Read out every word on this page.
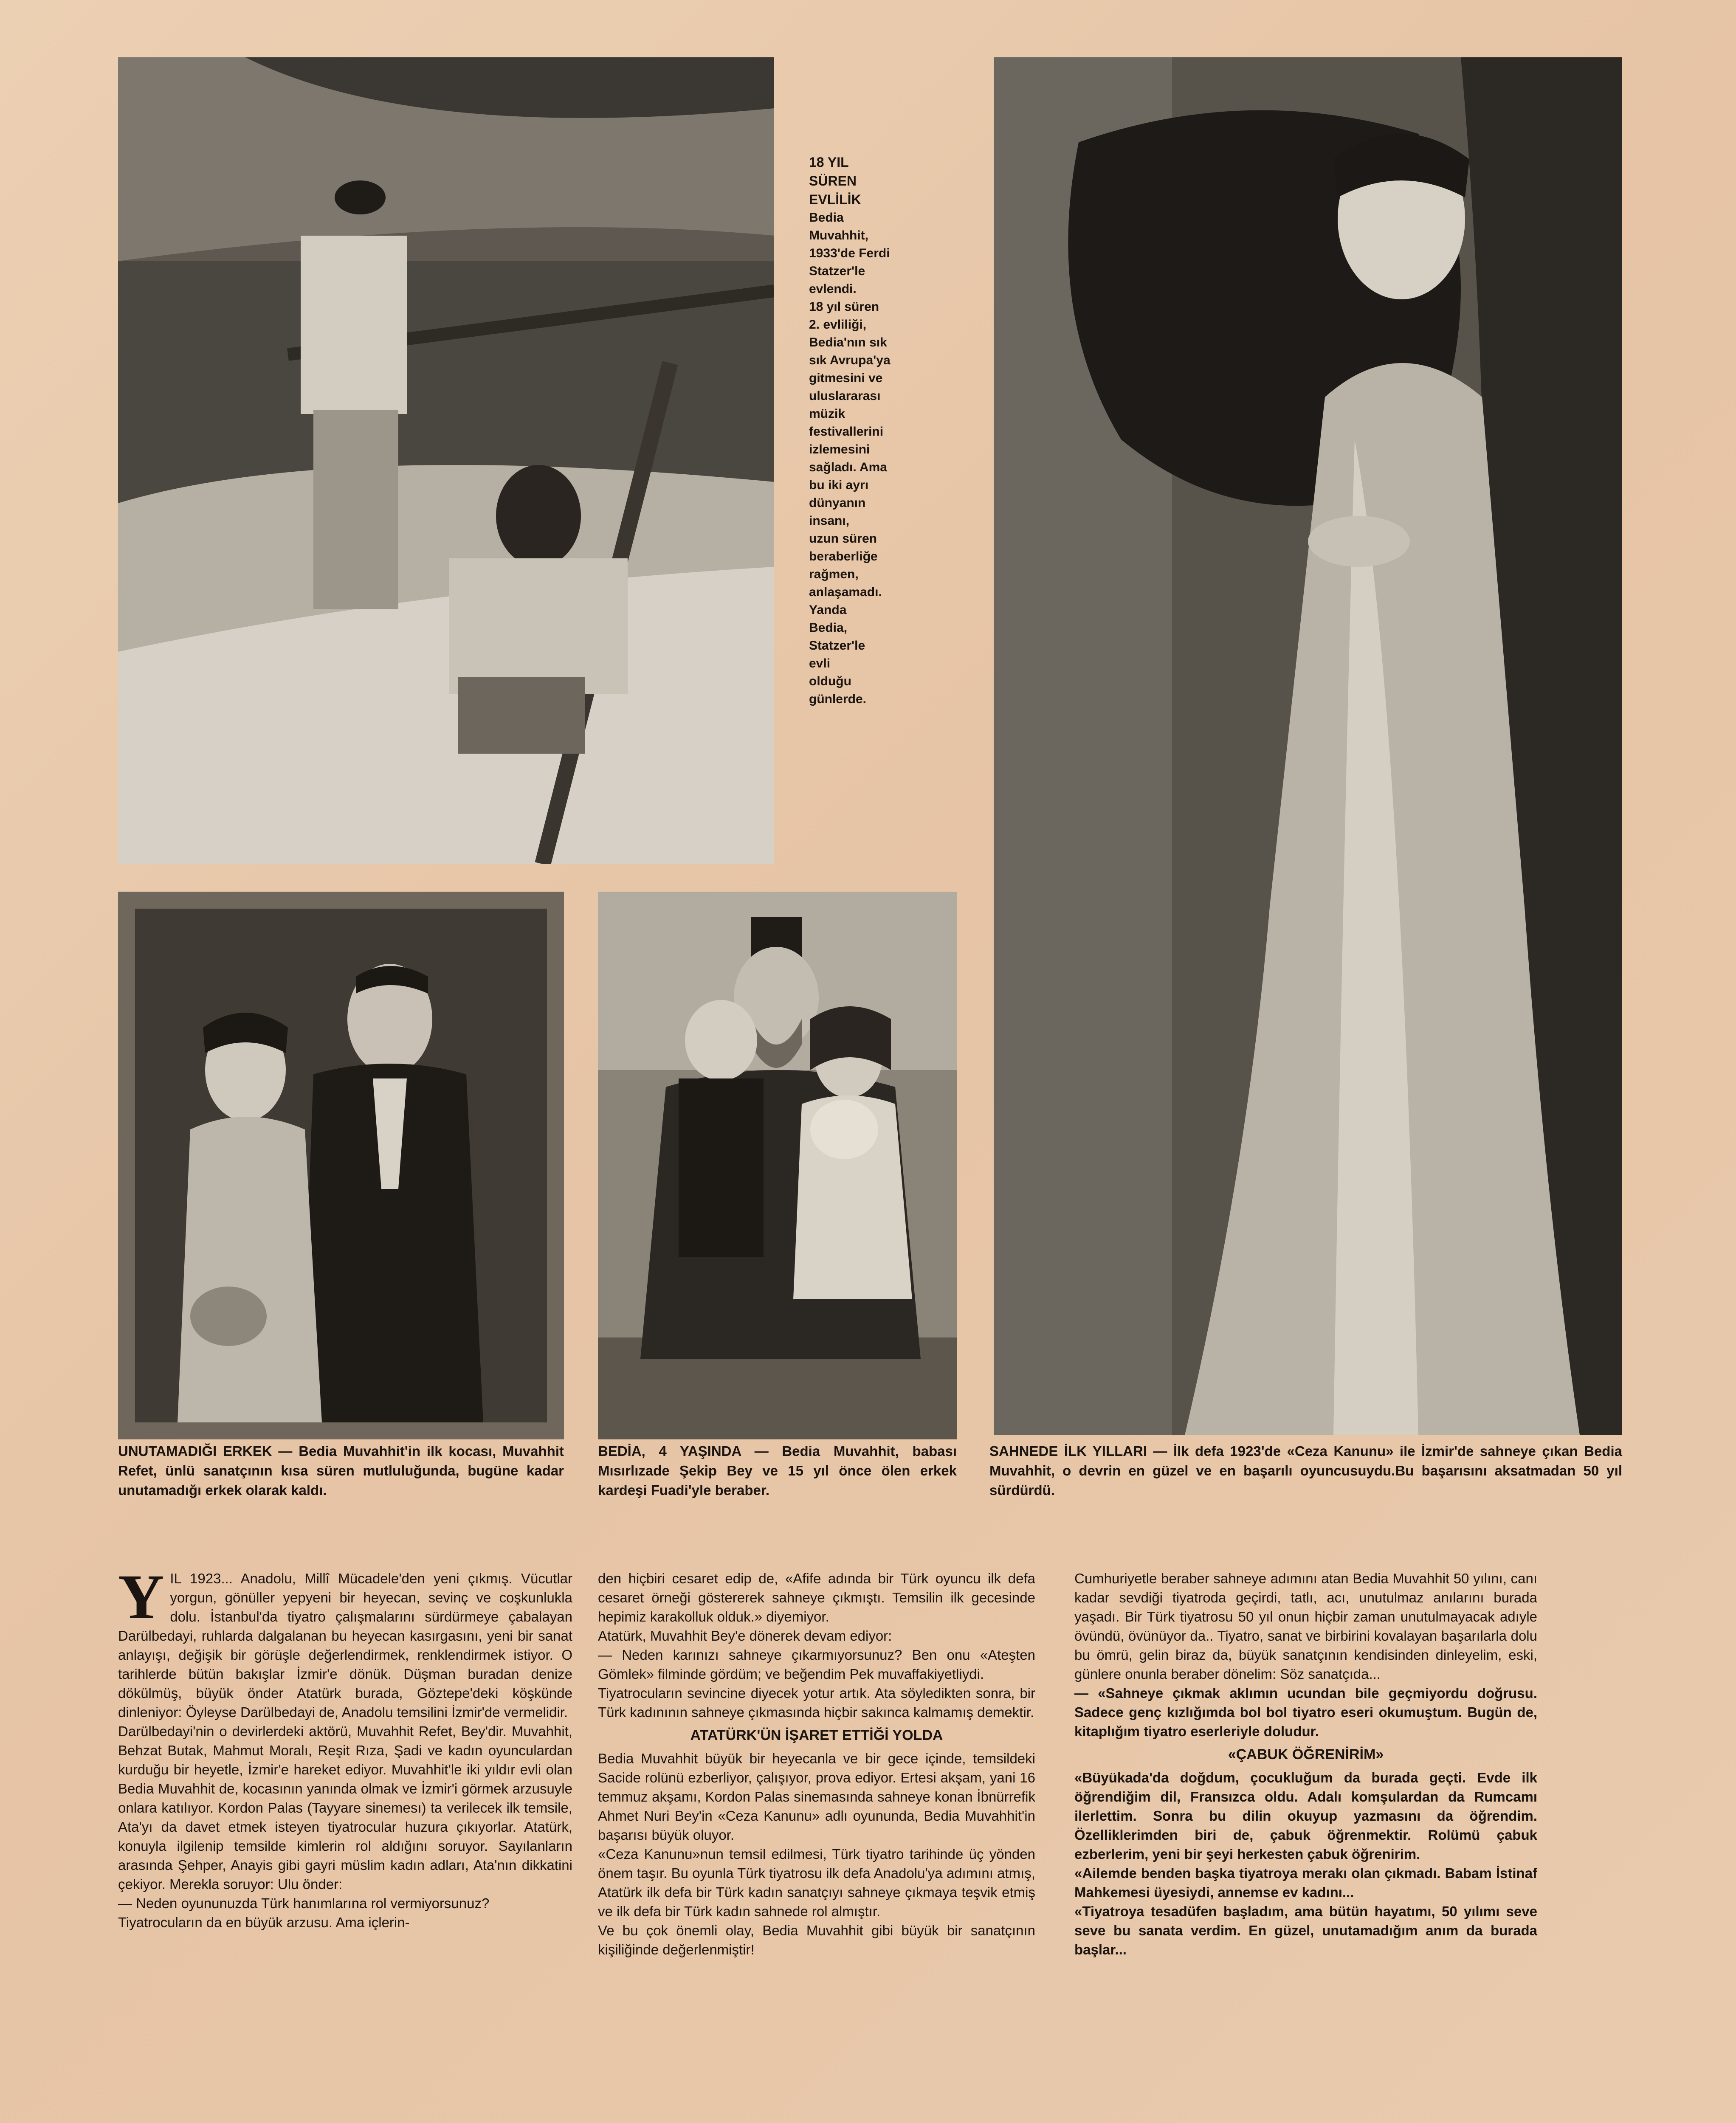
18 YIL
SÜREN
EVLİLİK
Bedia
Muvahhit,
1933'de Ferdi
Statzer'le
evlendi.
18 yıl süren
2. evliliği,
Bedia'nın sık
sık Avrupa'ya
gitmesini ve
uluslararası
müzik
festivallerini
izlemesini
sağladı. Ama
bu iki ayrı
dünyanın
insanı,
uzun süren
beraberliğe
rağmen,
anlaşamadı.
Yanda
Bedia,
Statzer'le
evli
olduğu
günlerde.
UNUTAMADIĞI ERKEK — Bedia Muvahhit'in ilk kocası, Muvahhit Refet, ünlü sanatçının kısa süren mutluluğunda, bugüne kadar unutamadığı erkek olarak kaldı.
BEDİA, 4 YAŞINDA — Bedia Muvahhit, babası Mısırlızade Şekip Bey ve 15 yıl önce ölen erkek kardeşi Fuadi'yle beraber.
SAHNEDE İLK YILLARI — İlk defa 1923'de «Ceza Kanunu» ile İzmir'de sahneye çıkan Bedia Muvahhit, o devrin en güzel ve en başarılı oyuncusuydu.Bu başarısını aksatmadan 50 yıl sürdürdü.
Y IL 1923... Anadolu, Millî Mücadele'den yeni çıkmış. Vücutlar yorgun, gönüller yepyeni bir heyecan, sevinç ve coşkunlukla dolu. İstanbul'da tiyatro çalışmalarını sürdürmeye çabalayan Darülbedayi, ruhlarda dalgalanan bu heyecan kasırgasını, yeni bir sanat anlayışı, değişik bir görüşle değerlendirmek, renklendirmek istiyor. O tarihlerde bütün bakışlar İzmir'e dönük. Düşman buradan denize dökülmüş, büyük önder Atatürk burada, Göztepe'deki köşkünde dinleniyor: Öyleyse Darülbedayi de, Anadolu temsilini İzmir'de vermelidir.

Darülbedayi'nin o devirlerdeki aktörü, Muvahhit Refet, Bey'dir. Muvahhit, Behzat Butak, Mahmut Moralı, Reşit Rıza, Şadi ve kadın oyunculardan kurduğu bir heyetle, İzmir'e hareket ediyor. Muvahhit'le iki yıldır evli olan Bedia Muvahhit de, kocasının yanında olmak ve İzmir'i görmek arzusuyle onlara katılıyor. Kordon Palas (Tayyare sinemesı) ta verilecek ilk temsile, Ata'yı da davet etmek isteyen tiyatrocular huzura çıkıyorlar. Atatürk, konuyla ilgilenip temsilde kimlerin rol aldığını soruyor. Sayılanların arasında Şehper, Anayis gibi gayri müslim kadın adları, Ata'nın dikkatini çekiyor. Merekla soruyor: Ulu önder:

— Neden oyununuzda Türk hanımlarına rol vermiyorsunuz?

Tiyatrocuların da en büyük arzusu. Ama içlerin-

den hiçbiri cesaret edip de, «Afife adında bir Türk oyuncu ilk defa cesaret örneği göstererek sahneye çıkmıştı. Temsilin ilk gecesinde hepimiz karakolluk olduk.» diyemiyor.

Atatürk, Muvahhit Bey'e dönerek devam ediyor:

— Neden karınızı sahneye çıkarmıyorsunuz? Ben onu «Ateşten Gömlek» filminde gördüm; ve beğendim Pek muvaffakiyetliydi.

Tiyatrocuların sevincine diyecek yotur artık. Ata söyledikten sonra, bir Türk kadınının sahneye çıkmasında hiçbir sakınca kalmamış demektir.

ATATÜRK'ÜN İŞARET ETTİĞİ YOLDA

Bedia Muvahhit büyük bir heyecanla ve bir gece içinde, temsildeki Sacide rolünü ezberliyor, çalışıyor, prova ediyor. Ertesi akşam, yani 16 temmuz akşamı, Kordon Palas sinemasında sahneye konan İbnürrefik Ahmet Nuri Bey'in «Ceza Kanunu» adlı oyununda, Bedia Muvahhit'in başarısı büyük oluyor.

«Ceza Kanunu»nun temsil edilmesi, Türk tiyatro tarihinde üç yönden önem taşır. Bu oyunla Türk tiyatrosu ilk defa Anadolu'ya adımını atmış, Atatürk ilk defa bir Türk kadın sanatçıyı sahneye çıkmaya teşvik etmiş ve ilk defa bir Türk kadın sahnede rol almıştır.

Ve bu çok önemli olay, Bedia Muvahhit gibi büyük bir sanatçının kişiliğinde değerlenmiştir!

Cumhuriyetle beraber sahneye adımını atan Bedia Muvahhit 50 yılını, canı kadar sevdiği tiyatroda geçirdi, tatlı, acı, unutulmaz anılarını burada yaşadı. Bir Türk tiyatrosu 50 yıl onun hiçbir zaman unutulmayacak adıyle övündü, övünüyor da.. Tiyatro, sanat ve birbirini kovalayan başarılarla dolu bu ömrü, gelin biraz da, büyük sanatçının kendisinden dinleyelim, eski, günlere onunla beraber dönelim: Söz sanatçıda...

— «Sahneye çıkmak aklımın ucundan bile geçmiyordu doğrusu. Sadece genç kızlığımda bol bol tiyatro eseri okumuştum. Bugün de, kitaplığım tiyatro eserleriyle doludur.

«ÇABUK ÖĞRENİRİM»

«Büyükada'da doğdum, çocukluğum da burada geçti. Evde ilk öğrendiğim dil, Fransızca oldu. Adalı komşulardan da Rumcamı ilerlettim. Sonra bu dilin okuyup yazmasını da öğrendim. Özelliklerimden biri de, çabuk öğrenmektir. Rolümü çabuk ezberlerim, yeni bir şeyi herkesten çabuk öğrenirim.

«Ailemde benden başka tiyatroya merakı olan çıkmadı. Babam İstinaf Mahkemesi üyesiydi, annemse ev kadını...

«Tiyatroya tesadüfen başladım, ama bütün hayatımı, 50 yılımı seve seve bu sanata verdim. En güzel, unutamadığım anım da burada başlar...
